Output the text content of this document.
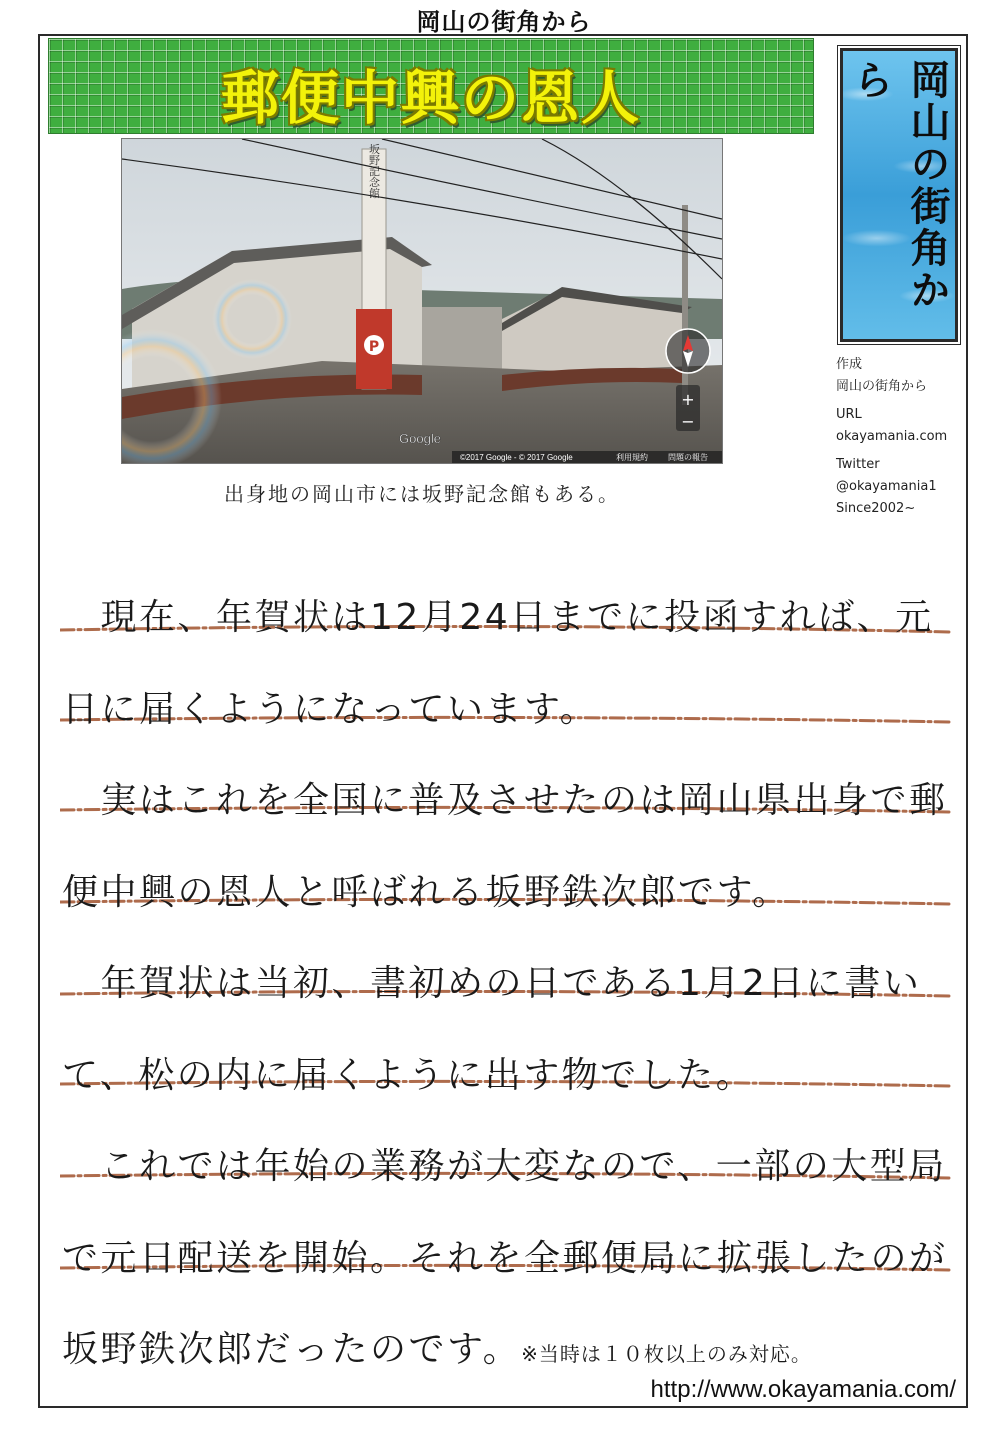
岡山の街角から
郵便中興の恩人	岡山の街角から
坂野記念館
P
+
−
Google
©2017 Google - © 2017 Google	利用規約	問題の報告
出身地の岡山市には坂野記念館もある。
作成
岡山の街角から
URL
okayamania.com
Twitter
@okayamania1
Since2002~

　現在、年賀状は12月24日までに投函すれば、元日に届くようになっています。

　実はこれを全国に普及させたのは岡山県出身で郵便中興の恩人と呼ばれる坂野鉄次郎です。

　年賀状は当初、書初めの日である1月2日に書いて、松の内に届くように出す物でした。

　これでは年始の業務が大変なので、一部の大型局で元日配送を開始。それを全郵便局に拡張したのが坂野鉄次郎だったのです。※当時は１０枚以上のみ対応。

http://www.okayamania.com/
